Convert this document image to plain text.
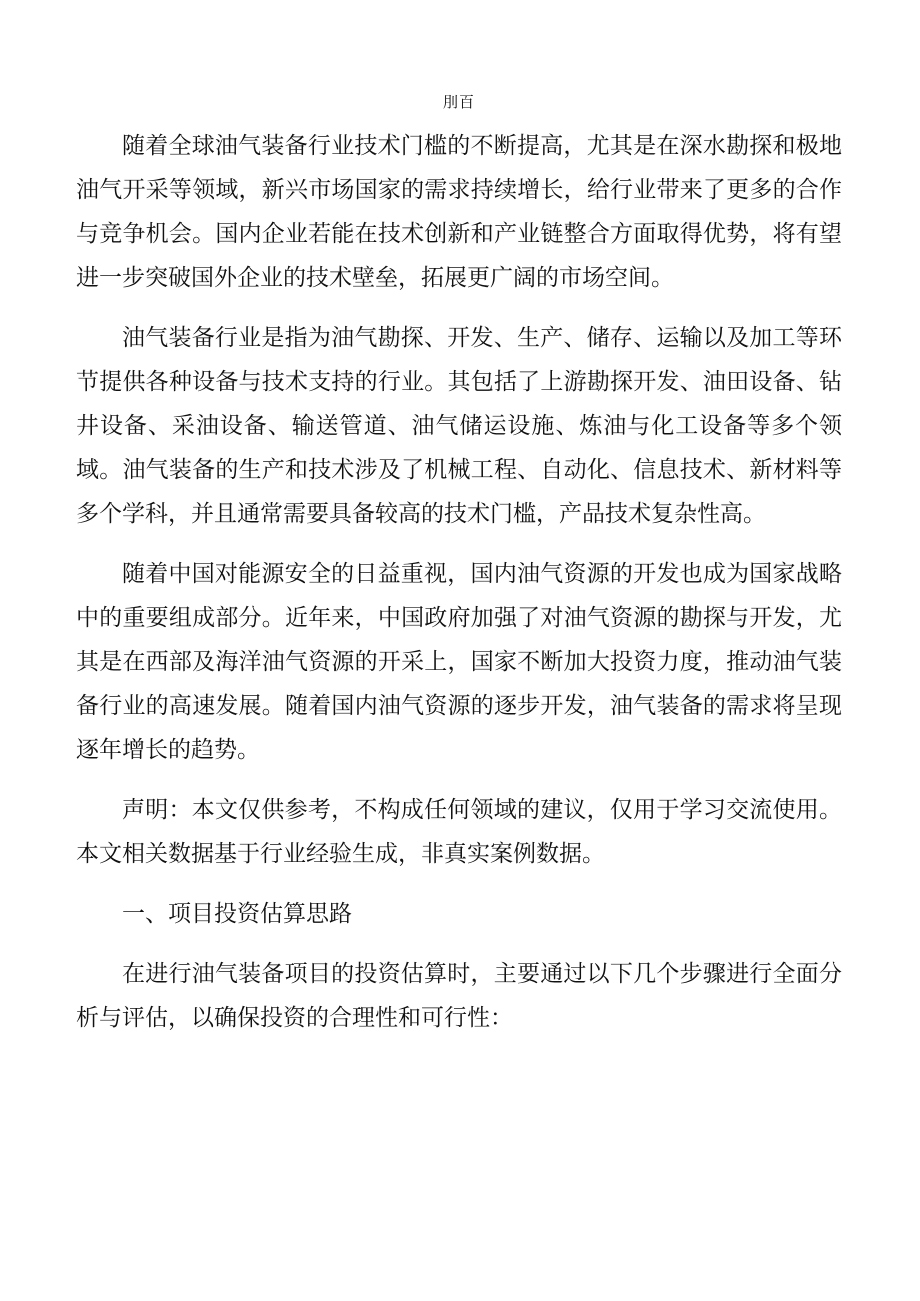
刖百

随着全球油气装备行业技术门槛的不断提高，尤其是在深水勘探和极地油气开采等领域，新兴市场国家的需求持续增长，给行业带来了更多的合作与竞争机会。国内企业若能在技术创新和产业链整合方面取得优势，将有望进一步突破国外企业的技术壁垒，拓展更广阔的市场空间。

油气装备行业是指为油气勘探、开发、生产、储存、运输以及加工等环节提供各种设备与技术支持的行业。其包括了上游勘探开发、油田设备、钻井设备、采油设备、输送管道、油气储运设施、炼油与化工设备等多个领域。油气装备的生产和技术涉及了机械工程、自动化、信息技术、新材料等多个学科，并且通常需要具备较高的技术门槛，产品技术复杂性高。

随着中国对能源安全的日益重视，国内油气资源的开发也成为国家战略中的重要组成部分。近年来，中国政府加强了对油气资源的勘探与开发，尤其是在西部及海洋油气资源的开采上，国家不断加大投资力度，推动油气装备行业的高速发展。随着国内油气资源的逐步开发，油气装备的需求将呈现逐年增长的趋势。

声明：本文仅供参考，不构成任何领域的建议，仅用于学习交流使用。本文相关数据基于行业经验生成，非真实案例数据。

一、项目投资估算思路

在进行油气装备项目的投资估算时，主要通过以下几个步骤进行全面分析与评估，以确保投资的合理性和可行性：
